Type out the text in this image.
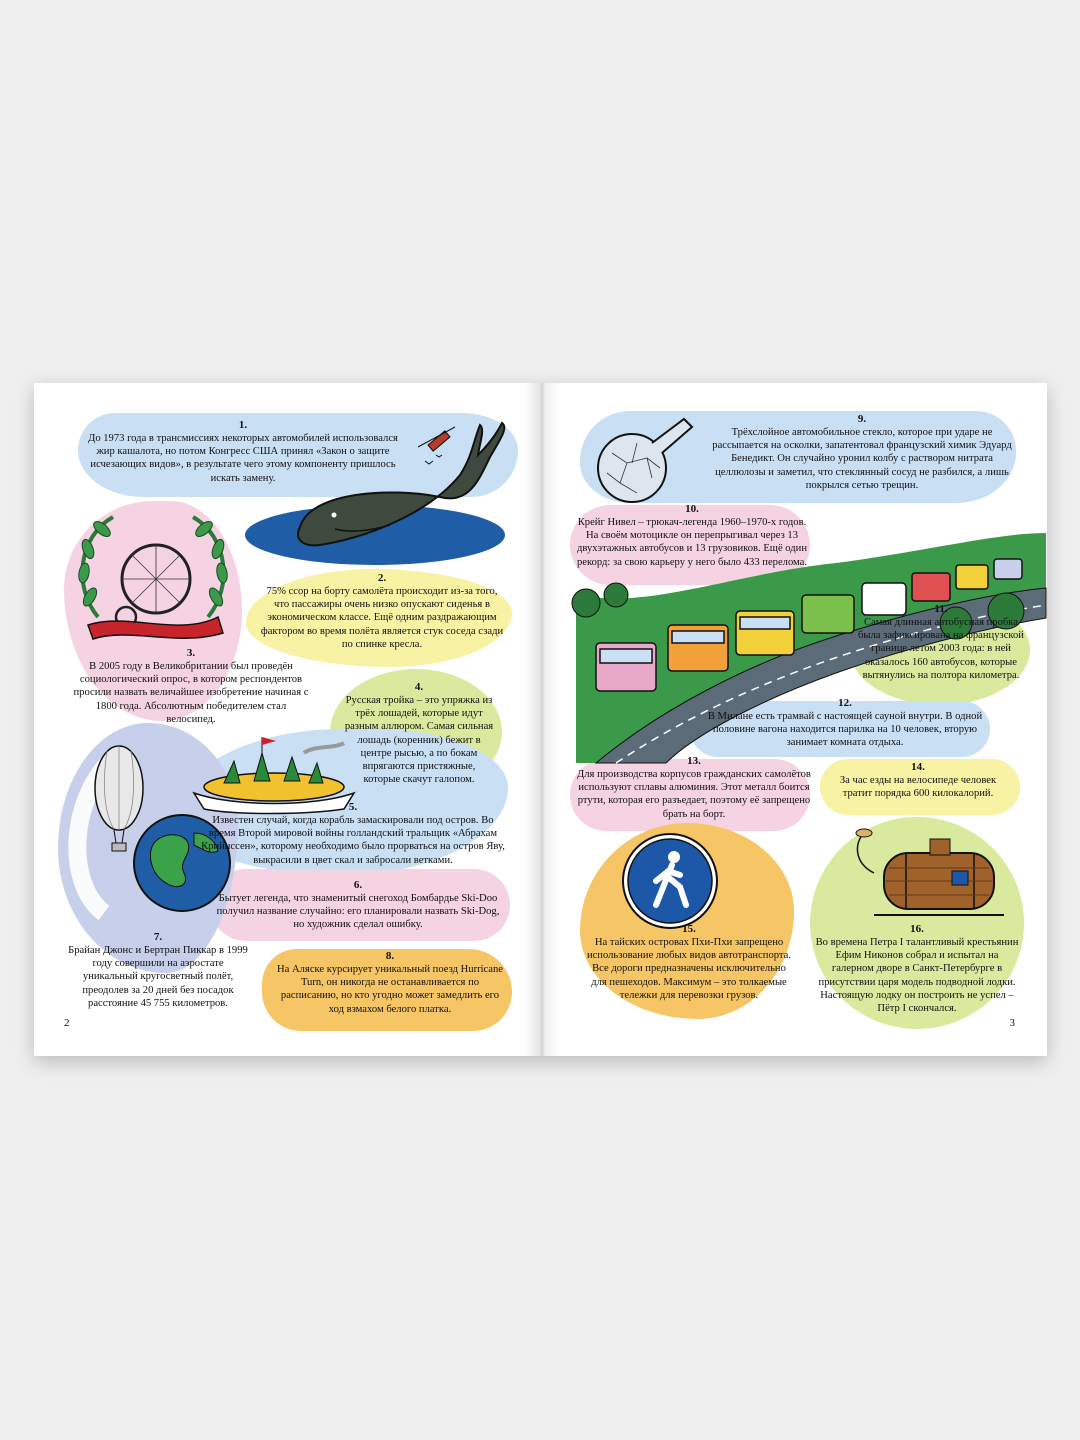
1.
До 1973 года в трансмиссиях некоторых автомобилей использовался жир кашалота, но потом Конгресс США принял «Закон о защите исчезающих видов», в результате чего этому компоненту пришлось искать замену.
2.
75% ссор на борту самолёта происходит из-за того, что пассажиры очень низко опускают сиденья в экономическом классе. Ещё одним раздражающим фактором во время полёта является стук соседа сзади по спинке кресла.
3.
В 2005 году в Великобритании был проведён социологический опрос, в котором респондентов просили назвать величайшее изобретение начиная с 1800 года. Абсолютным победителем стал велосипед.
4.
Русская тройка – это упряжка из трёх лошадей, которые идут разным аллюром. Самая сильная лошадь (коренник) бежит в центре рысью, а по бокам впрягаются пристяжные, которые скачут галопом.
5.
Известен случай, когда корабль замаскировали под остров. Во время Второй мировой войны голландский тральщик «Абрахам Крийнссен», которому необходимо было прорваться на остров Яву, выкрасили в цвет скал и забросали ветками.
6.
Бытует легенда, что знаменитый снегоход Бомбардье Ski-Doo получил название случайно: его планировали назвать Ski-Dog, но художник сделал ошибку.
7.
Брайан Джонс и Бертран Пиккар в 1999 году совершили на аэростате уникальный кругосветный полёт, преодолев за 20 дней без посадок расстояние 45 755 километров.
8.
На Аляске курсирует уникальный поезд Hurricane Turn, он никогда не останавливается по расписанию, но кто угодно может замедлить его ход взмахом белого платка.
2
9.
Трёхслойное автомобильное стекло, которое при ударе не рассыпается на осколки, запатентовал французский химик Эдуард Бенедикт. Он случайно уронил колбу с раствором нитрата целлюлозы и заметил, что стеклянный сосуд не разбился, а лишь покрылся сетью трещин.
10.
Крейг Нивел – трюкач-легенда 1960–1970-х годов. На своём мотоцикле он перепрыгивал через 13 двухэтажных автобусов и 13 грузовиков. Ещё один рекорд: за свою карьеру у него было 433 перелома.
11.
Самая длинная автобусная пробка была зафиксирована на французской границе летом 2003 года: в ней оказалось 160 автобусов, которые вытянулись на полтора километра.
12.
В Милане есть трамвай с настоящей сауной внутри. В одной половине вагона находится парилка на 10 человек, вторую занимает комната отдыха.
13.
Для производства корпусов гражданских самолётов используют сплавы алюминия. Этот металл боится ртути, которая его разъедает, поэтому её запрещено брать на борт.
14.
За час езды на велосипеде человек тратит порядка 600 килокалорий.
15.
На тайских островах Пхи-Пхи запрещено использование любых видов автотранспорта. Все дороги предназначены исключительно для пешеходов. Максимум – это толкаемые тележки для перевозки грузов.
16.
Во времена Петра I талантливый крестьянин Ефим Никонов собрал и испытал на галерном дворе в Санкт-Петербурге в присутствии царя модель подводной лодки. Настоящую лодку он построить не успел – Пётр I скончался.
3
